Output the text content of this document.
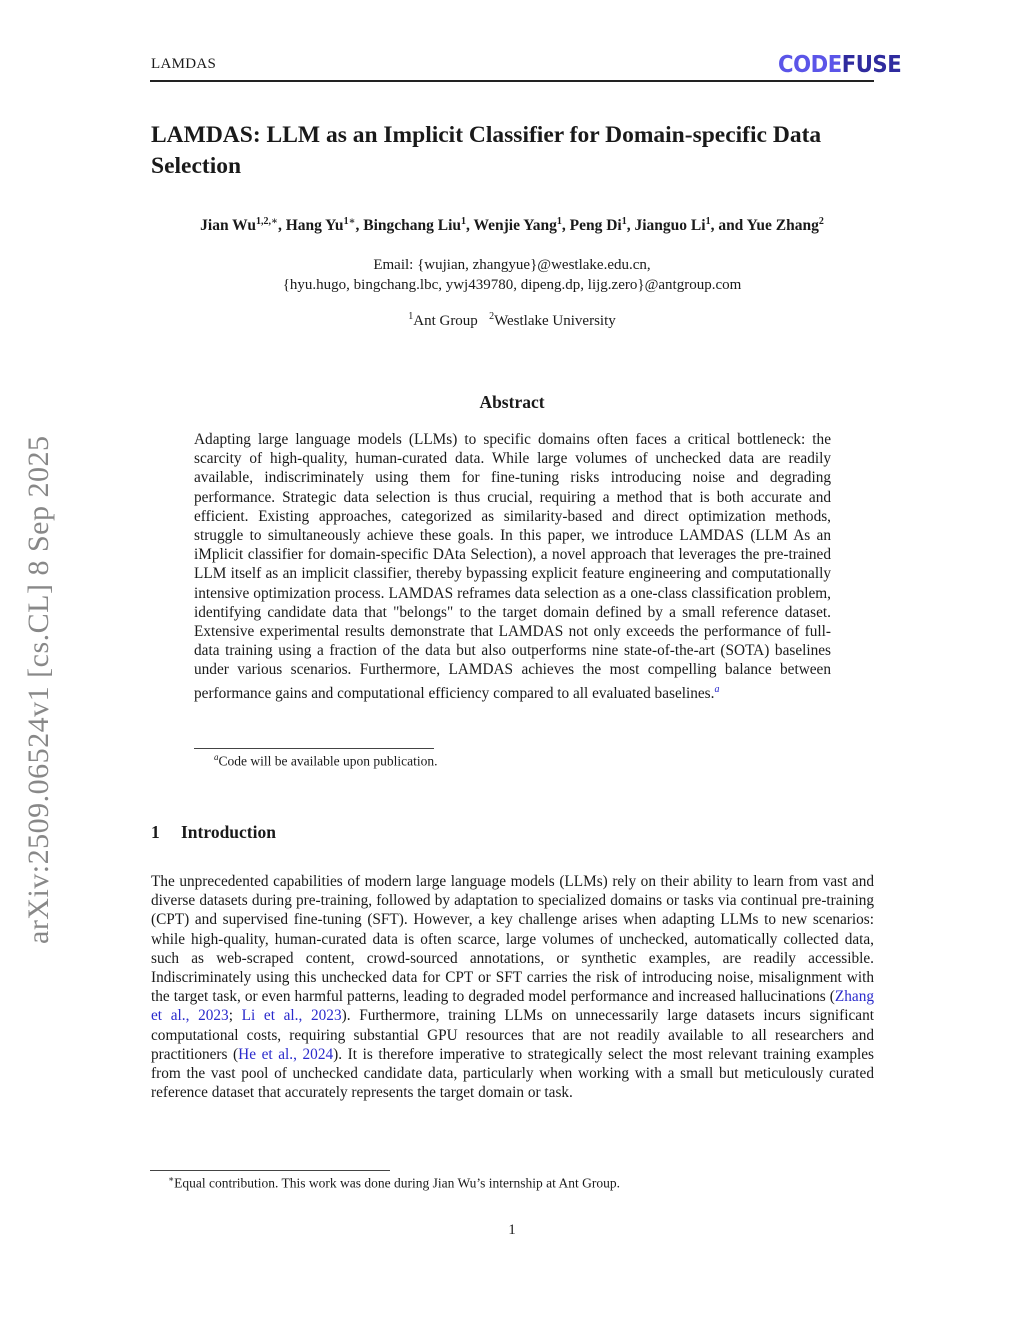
LAMDAS	CODEFUSE
LAMDAS: LLM as an Implicit Classifier for Domain-specific Data Selection
Jian $Wu^{1,2,∗}$, Hang $Yu^{1∗}$, Bingchang Liu$^1$, Wenjie Yang$^1$, Peng Di$^1$, Jianguo Li$^1$, and Yue Zhang$^2$
Email: {wujian, zhangyue}@westlake.edu.cn,
{hyu.hugo, bingchang.lbc, ywj439780, dipeng.dp, lijg.zero}@antgroup.com
$^1$Ant Group $^2$Westlake University
arXiv:2509.06524v1 [cs.CL] 8 Sep 2025
Abstract
Adapting large language models (LLMs) to specific domains often faces a critical bottleneck: the scarcity of high-quality, human-curated data. While large volumes of unchecked data are readily available, indiscriminately using them for fine-tuning risks introducing noise and degrading performance. Strategic data selection is thus crucial, requiring a method that is both accurate and efficient. Existing approaches, categorized as similarity-based and direct optimization methods, struggle to simultaneously achieve these goals. In this paper, we introduce LAMDAS (LLM As an iMplicit classifier for domain-specific DAta Selection), a novel approach that leverages the pre-trained LLM itself as an implicit classifier, thereby bypassing explicit feature engineering and computationally intensive optimization process. LAMDAS reframes data selection as a one-class classification problem, identifying candidate data that "belongs" to the target domain defined by a small reference dataset. Extensive experimental results demonstrate that LAMDAS not only exceeds the performance of full-data training using a fraction of the data but also outperforms nine state-of-the-art (SOTA) baselines under various scenarios. Furthermore, LAMDAS achieves the most compelling balance between performance gains and computational efficiency compared to all evaluated baselines.$^a$
$^a$Code will be available upon publication.
1 Introduction
The unprecedented capabilities of modern large language models (LLMs) rely on their ability to learn from vast and diverse datasets during pre-training, followed by adaptation to specialized domains or tasks via continual pre-training (CPT) and supervised fine-tuning (SFT). However, a key challenge arises when adapting LLMs to new scenarios: while high-quality, human-curated data is often scarce, large volumes of unchecked, automatically collected data, such as web-scraped content, crowd-sourced annotations, or synthetic examples, are readily accessible. Indiscriminately using this unchecked data for CPT or SFT carries the risk of introducing noise, misalignment with the target task, or even harmful patterns, leading to degraded model performance and increased hallucinations (Zhang et al., 2023; Li et al., 2023). Furthermore, training LLMs on unnecessarily large datasets incurs significant computational costs, requiring substantial GPU resources that are not readily available to all researchers and practitioners (He et al., 2024). It is therefore imperative to strategically select the most relevant training examples from the vast pool of unchecked candidate data, particularly when working with a small but meticulously curated reference dataset that accurately represents the target domain or task.
∗Equal contribution. This work was done during Jian Wu’s internship at Ant Group.
1
